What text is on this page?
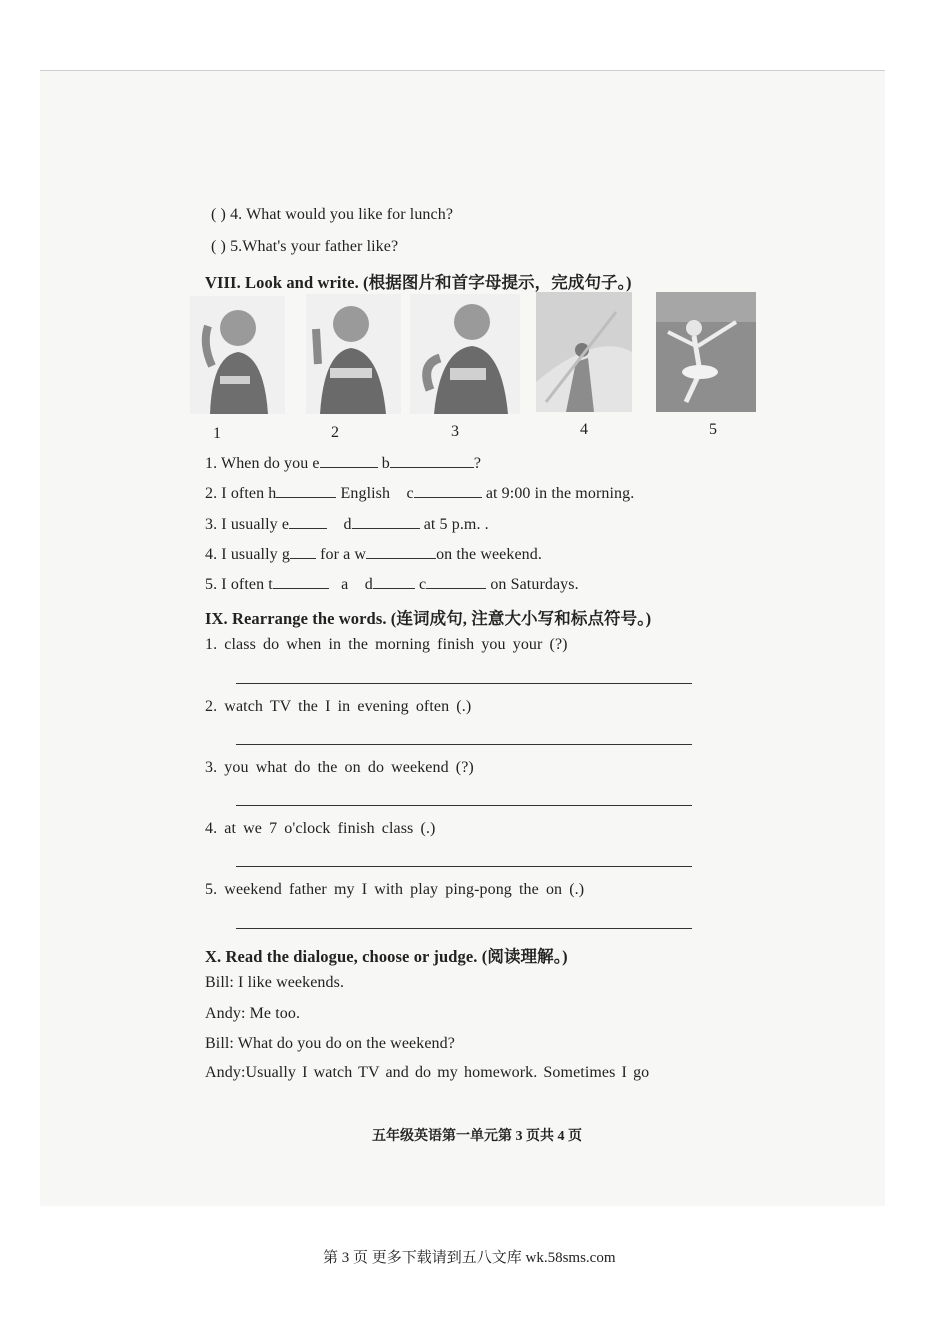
( ) 4. What would you like for lunch?
( ) 5.What's your father like?
VIII. Look and write. (根据图片和首字母提示，完成句子。)
1	2	3	4	5
1. When do you e	b	?
2. I often h	English c	at 9:00 in the morning.
3. I usually e	d	at 5 p.m. .
4. I usually g for a w	on the weekend.
5. I often t	a d	c	on Saturdays.
IX. Rearrange the words. (连词成句, 注意大小写和标点符号。)
1. class do when in the morning finish you your (?)
2. watch TV the I in evening often (.)
3. you what do the on do weekend (?)
4. at we 7 o'clock finish class (.)
5. weekend father my I with play ping-pong the on (.)
X. Read the dialogue, choose or judge. (阅读理解。)
Bill: I like weekends.
Andy: Me too.
Bill: What do you do on the weekend?
Andy:Usually I watch TV and do my homework. Sometimes I go
五年级英语第一单元第 3 页共 4 页
第 3 页 更多下载请到五八文库 wk.58sms.com
